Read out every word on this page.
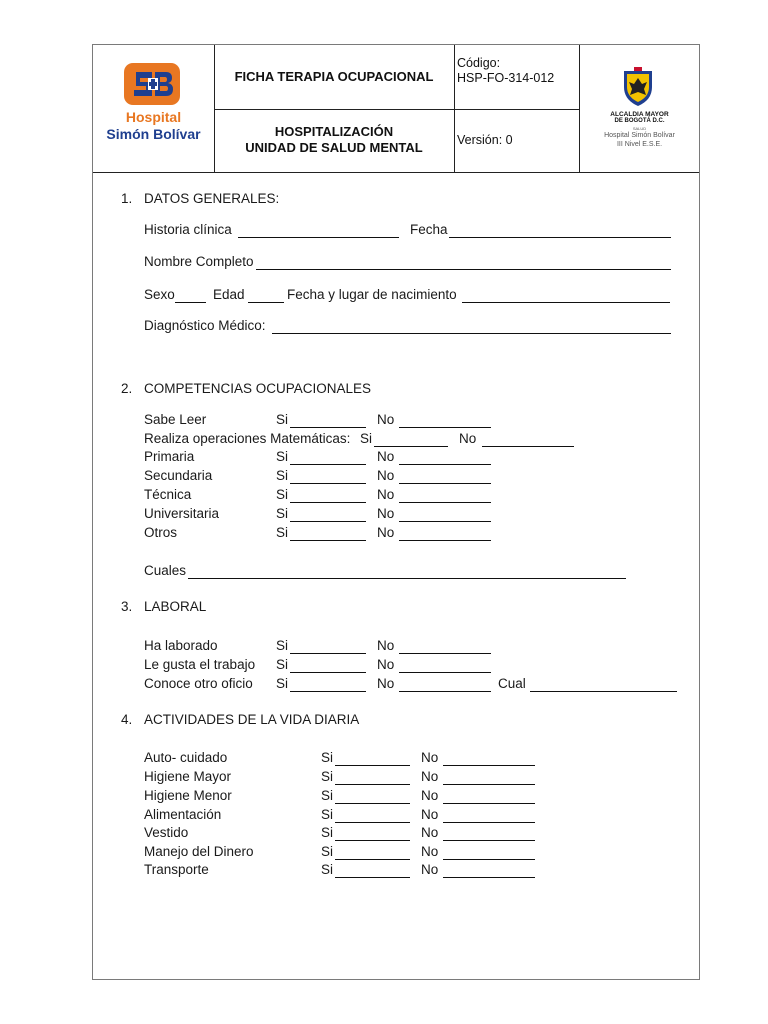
Hospital
Simón Bolívar
FICHA TERAPIA OCUPACIONAL
HOSPITALIZACIÓN
UNIDAD DE SALUD MENTAL
Código:
HSP-FO-314-012
Versión: 0
ALCALDIA MAYOR
DE BOGOTÁ D.C.
SALUD
Hospital Simón Bolívar
III Nivel E.S.E.
1. DATOS GENERALES:
Historia clínica	Fecha
Nombre Completo
Sexo	Edad	Fecha y lugar de nacimiento
Diagnóstico Médico:
2. COMPETENCIAS OCUPACIONALES
Sabe Leer	Si	No
Realiza operaciones Matemáticas: Si	No
Primaria	Si	No
Secundaria	Si	No
Técnica	Si	No
Universitaria	Si	No
Otros	Si	No
Cuales
3. LABORAL
Ha laborado	Si	No
Le gusta el trabajo Si	No
Conoce otro oficio Si	No	Cual
4. ACTIVIDADES DE LA VIDA DIARIA
Auto- cuidado	Si	No
Higiene Mayor	Si	No
Higiene Menor	Si	No
Alimentación	Si	No
Vestido	Si	No
Manejo del Dinero	Si	No
Transporte	Si	No
